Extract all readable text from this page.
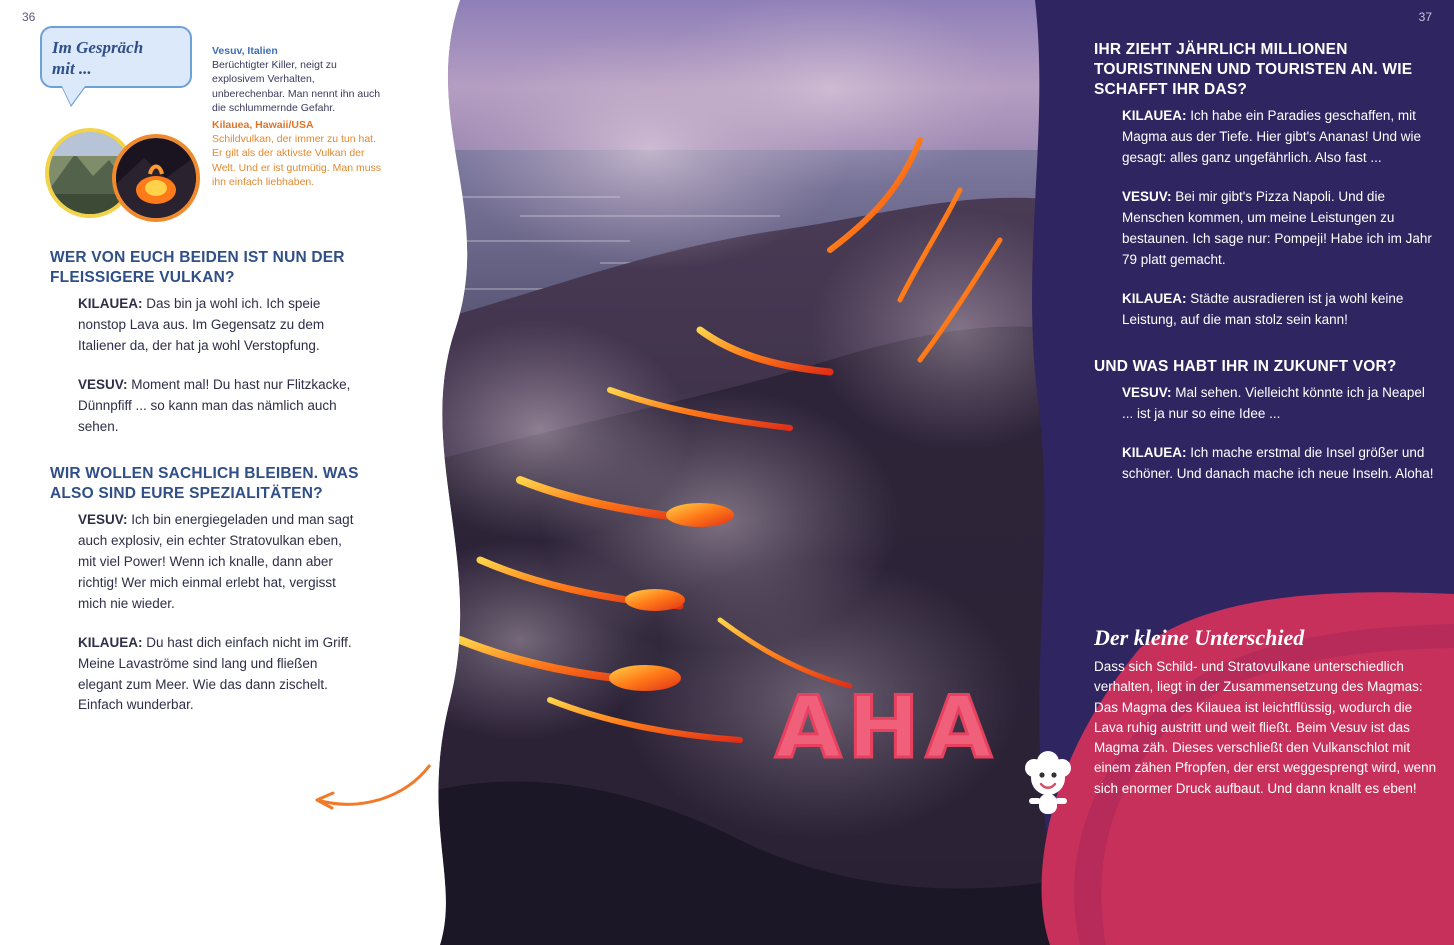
36	37
Im Gespräch
mit ...
Vesuv, Italien
Berüchtigter Killer, neigt zu explosivem Verhalten, unberechenbar. Man nennt ihn auch die schlummernde Gefahr.
Kilauea, Hawaii/USA
Schildvulkan, der immer zu tun hat. Er gilt als der aktivste Vulkan der Welt. Und er ist gutmütig. Man muss ihn einfach liebhaben.

WER VON EUCH BEIDEN IST NUN DER FLEISSIGERE VULKAN?

KILAUEA: Das bin ja wohl ich. Ich speie nonstop Lava aus. Im Gegensatz zu dem Italiener da, der hat ja wohl Verstopfung.

VESUV: Moment mal! Du hast nur Flitzkacke, Dünnpfiff ... so kann man das nämlich auch sehen.

WIR WOLLEN SACHLICH BLEIBEN. WAS ALSO SIND EURE SPEZIALITÄTEN?

VESUV: Ich bin energiegeladen und man sagt auch explosiv, ein echter Stratovulkan eben, mit viel Power! Wenn ich knalle, dann aber richtig! Wer mich einmal erlebt hat, vergisst mich nie wieder.

KILAUEA: Du hast dich einfach nicht im Griff. Meine Lavaströme sind lang und fließen elegant zum Meer. Wie das dann zischelt. Einfach wunderbar.

IHR ZIEHT JÄHRLICH MILLIONEN TOURISTINNEN UND TOURISTEN AN. WIE SCHAFFT IHR DAS?

KILAUEA: Ich habe ein Paradies geschaffen, mit Magma aus der Tiefe. Hier gibt's Ananas! Und wie gesagt: alles ganz ungefährlich. Also fast ...

VESUV: Bei mir gibt's Pizza Napoli. Und die Menschen kommen, um meine Leistungen zu bestaunen. Ich sage nur: Pompeji! Habe ich im Jahr 79 platt gemacht.

KILAUEA: Städte ausradieren ist ja wohl keine Leistung, auf die man stolz sein kann!

UND WAS HABT IHR IN ZUKUNFT VOR?

VESUV: Mal sehen. Vielleicht könnte ich ja Neapel ... ist ja nur so eine Idee ...

KILAUEA: Ich mache erstmal die Insel größer und schöner. Und danach mache ich neue Inseln. Aloha!

AHA

Der kleine Unterschied

Dass sich Schild- und Stratovulkane unterschiedlich verhalten, liegt in der Zusammensetzung des Magmas: Das Magma des Kilauea ist leichtflüssig, wodurch die Lava ruhig austritt und weit fließt. Beim Vesuv ist das Magma zäh. Dieses verschließt den Vulkanschlot mit einem zähen Pfropfen, der erst weggesprengt wird, wenn sich enormer Druck aufbaut. Und dann knallt es eben!
